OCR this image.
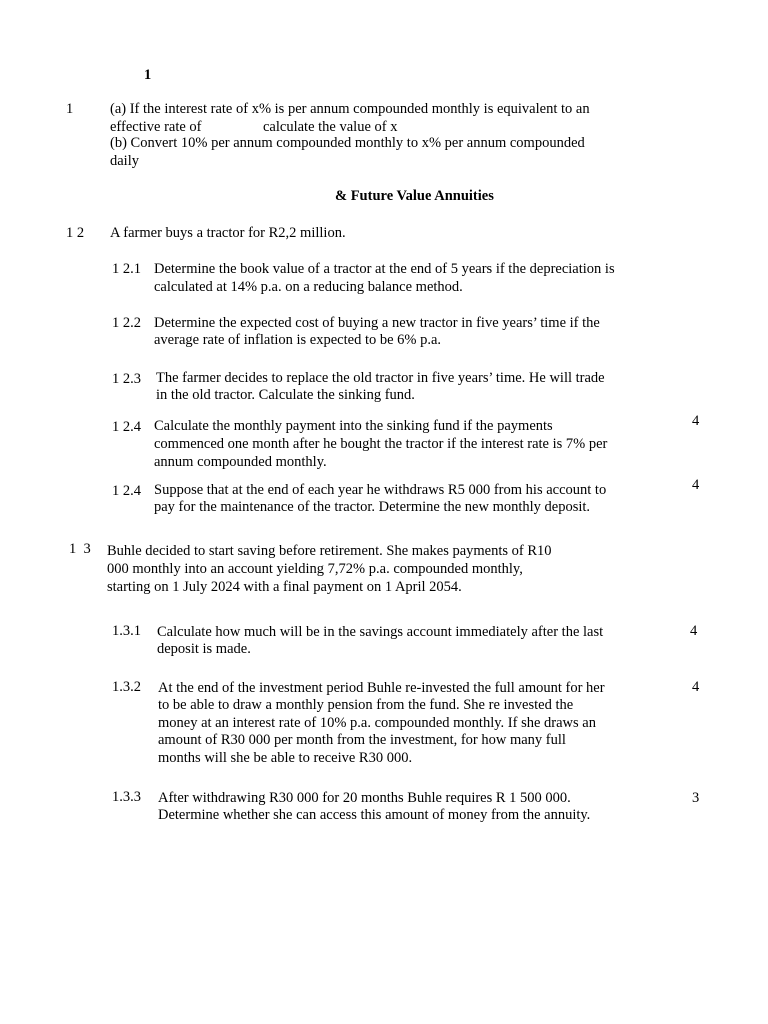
1
1	(a) If the interest rate of x% is per annum compounded monthly is equivalent to an
effective rate of	calculate the value of x
(b) Convert 10% per annum compounded monthly to x% per annum compounded
daily
& Future Value Annuities
1 2 A farmer buys a tractor for R2,2 million.
1 2.1 Determine the book value of a tractor at the end of 5 years if the depreciation is
calculated at 14% p.a. on a reducing balance method.
1 2.2 Determine the expected cost of buying a new tractor in five years’ time if the
average rate of inflation is expected to be 6% p.a.
1 2.3 The farmer decides to replace the old tractor in five years’ time. He will trade
in the old tractor. Calculate the sinking fund.
1 2.4 Calculate the monthly payment into the sinking fund if the payments
commenced one month after he bought the tractor if the interest rate is 7% per
annum compounded monthly.
4
1 2.4 Suppose that at the end of each year he withdraws R5 000 from his account to
pay for the maintenance of the tractor. Determine the new monthly deposit.
4
1  3 Buhle decided to start saving before retirement. She makes payments of R10
000 monthly into an account yielding 7,72% p.a. compounded monthly,
starting on 1 July 2024 with a final payment on 1 April 2054.
1.3.1 Calculate how much will be in the savings account immediately after the last
deposit is made.
4
1.3.2 At the end of the investment period Buhle re-invested the full amount for her
to be able to draw a monthly pension from the fund. She re invested the
money at an interest rate of 10% p.a. compounded monthly. If she draws an
amount of R30 000 per month from the investment, for how many full
months will she be able to receive R30 000.
4
1.3.3 After withdrawing R30 000 for 20 months Buhle requires R 1 500 000.
Determine whether she can access this amount of money from the annuity.
3
